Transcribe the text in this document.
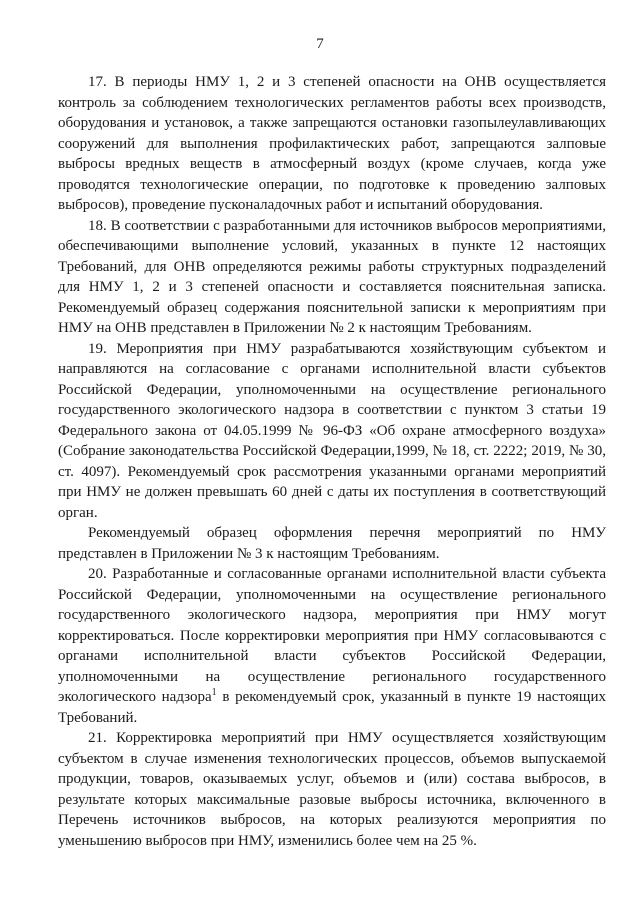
7

17. В периоды НМУ 1, 2 и 3 степеней опасности на ОНВ осуществляется контроль за соблюдением технологических регламентов работы всех производств, оборудования и установок, а также запрещаются остановки газопылеулавливающих сооружений для выполнения профилактических работ, запрещаются залповые выбросы вредных веществ в атмосферный воздух (кроме случаев, когда уже проводятся технологические операции, по подготовке к проведению залповых выбросов), проведение пусконаладочных работ и испытаний оборудования.

18. В соответствии с разработанными для источников выбросов мероприятиями, обеспечивающими выполнение условий, указанных в пункте 12 настоящих Требований, для ОНВ определяются режимы работы структурных подразделений для НМУ 1, 2 и 3 степеней опасности и составляется пояснительная записка. Рекомендуемый образец содержания пояснительной записки к мероприятиям при НМУ на ОНВ представлен в Приложении № 2 к настоящим Требованиям.

19. Мероприятия при НМУ разрабатываются хозяйствующим субъектом и направляются на согласование с органами исполнительной власти субъектов Российской Федерации, уполномоченными на осуществление регионального государственного экологического надзора в соответствии с пунктом 3 статьи 19 Федерального закона от 04.05.1999 № 96-ФЗ «Об охране атмосферного воздуха» (Собрание законодательства Российской Федерации,1999, № 18, ст. 2222; 2019, № 30, ст. 4097). Рекомендуемый срок рассмотрения указанными органами мероприятий при НМУ не должен превышать 60 дней с даты их поступления в соответствующий орган.

Рекомендуемый образец оформления перечня мероприятий по НМУ представлен в Приложении № 3 к настоящим Требованиям.

20. Разработанные и согласованные органами исполнительной власти субъекта Российской Федерации, уполномоченными на осуществление регионального государственного экологического надзора, мероприятия при НМУ могут корректироваться. После корректировки мероприятия при НМУ согласовываются с органами исполнительной власти субъектов Российской Федерации, уполномоченными на осуществление регионального государственного экологического надзора$^1$ в рекомендуемый срок, указанный в пункте 19 настоящих Требований.

21. Корректировка мероприятий при НМУ осуществляется хозяйствующим субъектом в случае изменения технологических процессов, объемов выпускаемой продукции, товаров, оказываемых услуг, объемов и (или) состава выбросов, в результате которых максимальные разовые выбросы источника, включенного в Перечень источников выбросов, на которых реализуются мероприятия по уменьшению выбросов при НМУ, изменились более чем на 25 %.
